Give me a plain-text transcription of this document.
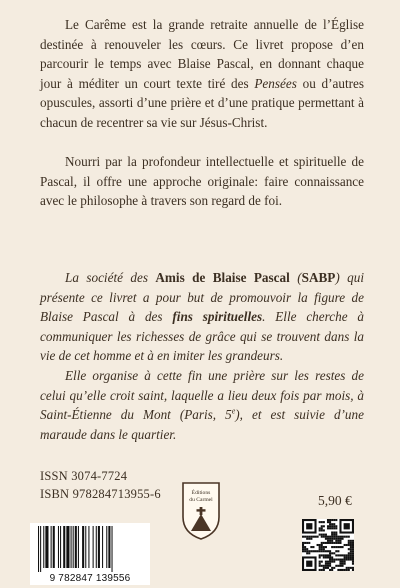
Le Carême est la grande retraite annuelle de l’Église destinée à renouveler les cœurs. Ce livret propose d’en parcourir le temps avec Blaise Pascal, en donnant chaque jour à méditer un court texte tiré des Pensées ou d’autres opuscules, assorti d’une prière et d’une pratique permettant à chacun de recentrer sa vie sur Jésus-Christ.

Nourri par la profondeur intellectuelle et spirituelle de Pascal, il offre une approche originale: faire connaissance avec le philosophe à travers son regard de foi.

La société des Amis de Blaise Pascal (SABP) qui présente ce livret a pour but de promouvoir la figure de Blaise Pascal à des fins spirituelles. Elle cherche à communiquer les richesses de grâce qui se trouvent dans la vie de cet homme et à en imiter les grandeurs.

Elle organise à cette fin une prière sur les restes de celui qu’elle croit saint, laquelle a lieu deux fois par mois, à Saint-Étienne du Mont (Paris, 5e), et est suivie d’une maraude dans le quartier.

ISSN 3074-7724
ISBN 978284713955-6	5,90 €
Éditions
du Carmel
9 782847 139556
